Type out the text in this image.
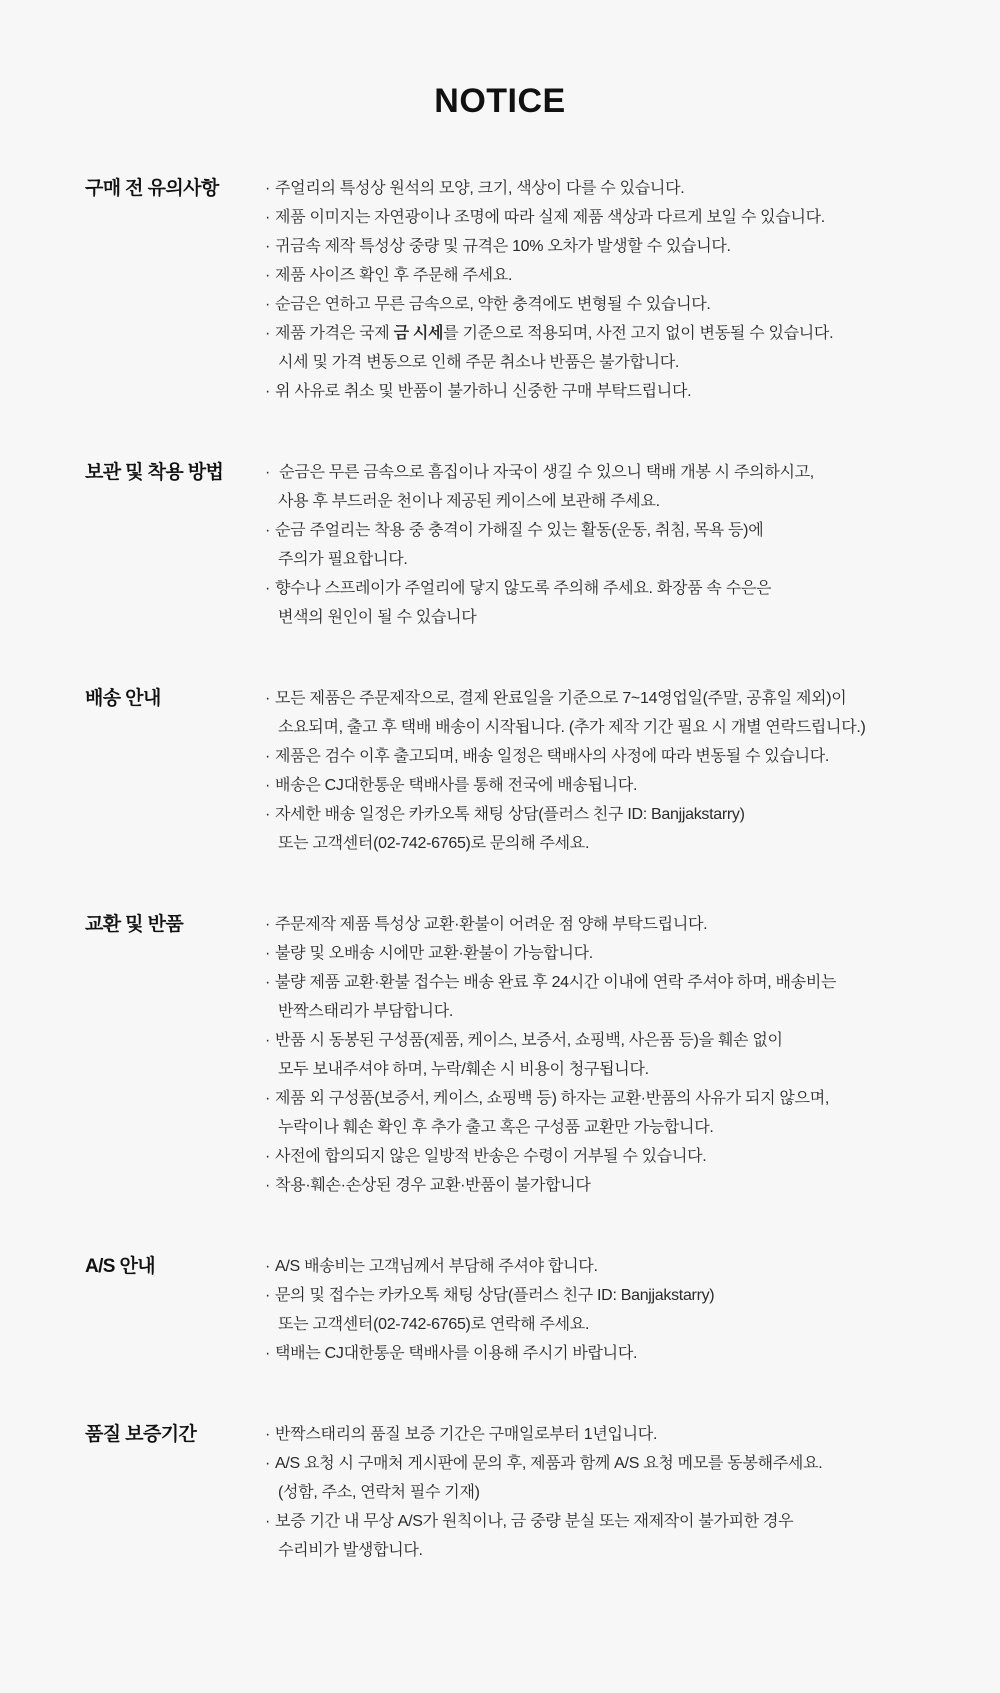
NOTICE
구매 전 유의사항	· 주얼리의 특성상 원석의 모양, 크기, 색상이 다를 수 있습니다.
· 제품 이미지는 자연광이나 조명에 따라 실제 제품 색상과 다르게 보일 수 있습니다.
· 귀금속 제작 특성상 중량 및 규격은 10% 오차가 발생할 수 있습니다.
· 제품 사이즈 확인 후 주문해 주세요.
· 순금은 연하고 무른 금속으로, 약한 충격에도 변형될 수 있습니다.
· 제품 가격은 국제 금 시세를 기준으로 적용되며, 사전 고지 없이 변동될 수 있습니다.
시세 및 가격 변동으로 인해 주문 취소나 반품은 불가합니다.
· 위 사유로 취소 및 반품이 불가하니 신중한 구매 부탁드립니다.
보관 및 착용 방법	· 순금은 무른 금속으로 흠집이나 자국이 생길 수 있으니 택배 개봉 시 주의하시고,
사용 후 부드러운 천이나 제공된 케이스에 보관해 주세요.
· 순금 주얼리는 착용 중 충격이 가해질 수 있는 활동(운동, 취침, 목욕 등)에
주의가 필요합니다.
· 향수나 스프레이가 주얼리에 닿지 않도록 주의해 주세요. 화장품 속 수은은
변색의 원인이 될 수 있습니다
배송 안내	· 모든 제품은 주문제작으로, 결제 완료일을 기준으로 7~14영업일(주말, 공휴일 제외)이
소요되며, 출고 후 택배 배송이 시작됩니다. (추가 제작 기간 필요 시 개별 연락드립니다.)
· 제품은 검수 이후 출고되며, 배송 일정은 택배사의 사정에 따라 변동될 수 있습니다.
· 배송은 CJ대한통운 택배사를 통해 전국에 배송됩니다.
· 자세한 배송 일정은 카카오톡 채팅 상담(플러스 친구 ID: Banjjakstarry)
또는 고객센터(02-742-6765)로 문의해 주세요.
교환 및 반품	· 주문제작 제품 특성상 교환·환불이 어려운 점 양해 부탁드립니다.
· 불량 및 오배송 시에만 교환·환불이 가능합니다.
· 불량 제품 교환·환불 접수는 배송 완료 후 24시간 이내에 연락 주셔야 하며, 배송비는
반짝스태리가 부담합니다.
· 반품 시 동봉된 구성품(제품, 케이스, 보증서, 쇼핑백, 사은품 등)을 훼손 없이
모두 보내주셔야 하며, 누락/훼손 시 비용이 청구됩니다.
· 제품 외 구성품(보증서, 케이스, 쇼핑백 등) 하자는 교환·반품의 사유가 되지 않으며,
누락이나 훼손 확인 후 추가 출고 혹은 구성품 교환만 가능합니다.
· 사전에 합의되지 않은 일방적 반송은 수령이 거부될 수 있습니다.
· 착용·훼손·손상된 경우 교환·반품이 불가합니다
A/S 안내	· A/S 배송비는 고객님께서 부담해 주셔야 합니다.
· 문의 및 접수는 카카오톡 채팅 상담(플러스 친구 ID: Banjjakstarry)
또는 고객센터(02-742-6765)로 연락해 주세요.
· 택배는 CJ대한통운 택배사를 이용해 주시기 바랍니다.
품질 보증기간	· 반짝스태리의 품질 보증 기간은 구매일로부터 1년입니다.
· A/S 요청 시 구매처 게시판에 문의 후, 제품과 함께 A/S 요청 메모를 동봉해주세요.
(성함, 주소, 연락처 필수 기재)
· 보증 기간 내 무상 A/S가 원칙이나, 금 중량 분실 또는 재제작이 불가피한 경우
수리비가 발생합니다.
